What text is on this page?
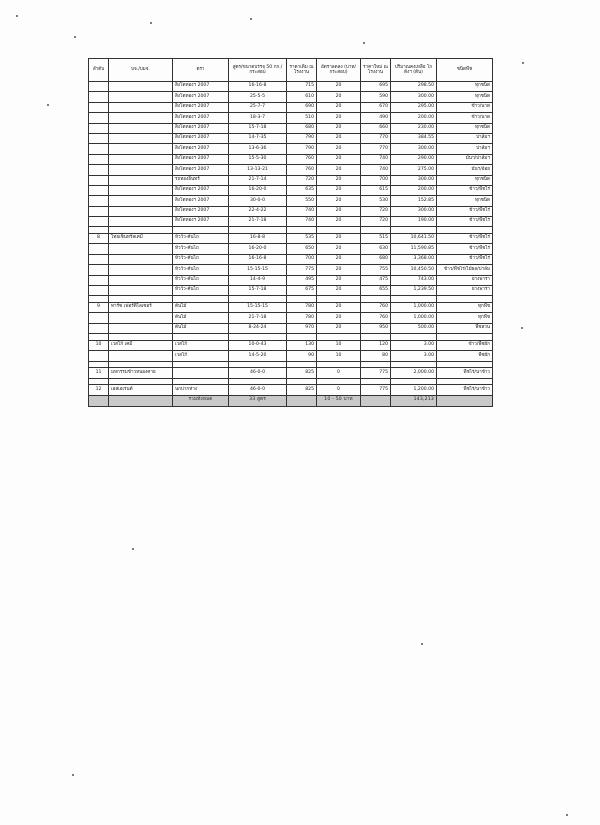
ลำดับ	บจ./บมจ.	ตรา	สูตร/ขนาดบรรจุ 50 กก./กระสอบ	ราคาเดิม ณ โรงงาน	อัตราลดลง (บาท/กระสอบ)	ราคาใหม่ ณ โรงงาน	ปริมาณคงเหลือ โกดังฯ (ตัน)	ชนิดพืช
		สิงโตทองฯ 2007	16-16-8	715	20	695	298.50	ทุกชนิด
		สิงโตทองฯ 2007	25-5-5	610	20	590	300.00	ทุกชนิด
		สิงโตทองฯ 2007	25-7-7	690	20	670	295.00	ข้าว/นาด
		สิงโตทองฯ 2007	18-3-7	510	20	490	200.00	ข้าว/นาด
		สิงโตทองฯ 2007	15-7-18	680	20	660	230.00	ทุกชนิด
		สิงโตทองฯ 2007	14-7-35	790	20	770	384.55	ปาล์มฯ
		สิงโตทองฯ 2007	13-6-36	790	20	770	300.00	ปาล์มฯ
		สิงโตทองฯ 2007	15-5-30	760	20	740	290.00	มันฯ/ปาล์มฯ
		สิงโตทองฯ 2007	13-13-21	760	20	740	275.00	มันฯ/อ้อย
		รถทองอินทร์	21-7-14	720	20	700	300.00	ทุกชนิด
		สิงโตทองฯ 2007	16-20-0	635	20	615	200.00	ข้าว/พืชไร่
		สิงโตทองฯ 2007	30-0-0	550	20	530	152.85	ทุกชนิด
		สิงโตทองฯ 2007	22-4-22	740	20	720	300.00	ข้าว/พืชไร่
		สิงโตทองฯ 2007	21-7-18	740	20	720	190.00	ข้าว/พืชไร่

8	ไทยเซ็นทรัลเคมี	หัววัว-คันไถ	16-8-8	535	20	515	10,641.50	ข้าว/พืชไร่
		หัววัว-คันไถ	16-20-0	650	20	630	11,590.85	ข้าว/พืชไร่
		หัววัว-คันไถ	16-16-8	700	20	680	3,368.00	ข้าว/พืชไร่
		หัววัว-คันไถ	15-15-15	775	20	755	10,450.50	ข้าว/พืชไร่/ไม้ผล/ปาล์ม
		หัววัว-คันไถ	14-4-9	495	20	475	743.00	ยางพารา
		หัววัว-คันไถ	15-7-18	675	20	655	1,239.50	ยางพารา

9	ทาร์ซ เฟอร์ติไลเซอร์	ต้นไม้	15-15-15	780	20	760	1,000.00	ทุกพืช
		ต้นไม้	21-7-18	780	20	760	1,000.00	ทุกพืช
		ต้นไม้	8-24-24	970	20	950	500.00	พืชสวน

10	เวสโก้ เคมี	เวสโก้	10-0-43	130	10	120	3.00	ข้าว/พืชผัก
		เวสโก้	14-5-20	90	10	80	3.00	พืชผัก

11	มหกรรมข้าวหนองคาย		46-0-0	825	0	775	2,000.00	พืชไร่/นาข้าว

12	เอสเอเรนต์	นกปากห่าง	46-0-0	825	0	775	1,200.00	พืชไร่/นาข้าว
		รวมทั้งหมด	33 สูตร		10 - 50 บาท		143,213	
